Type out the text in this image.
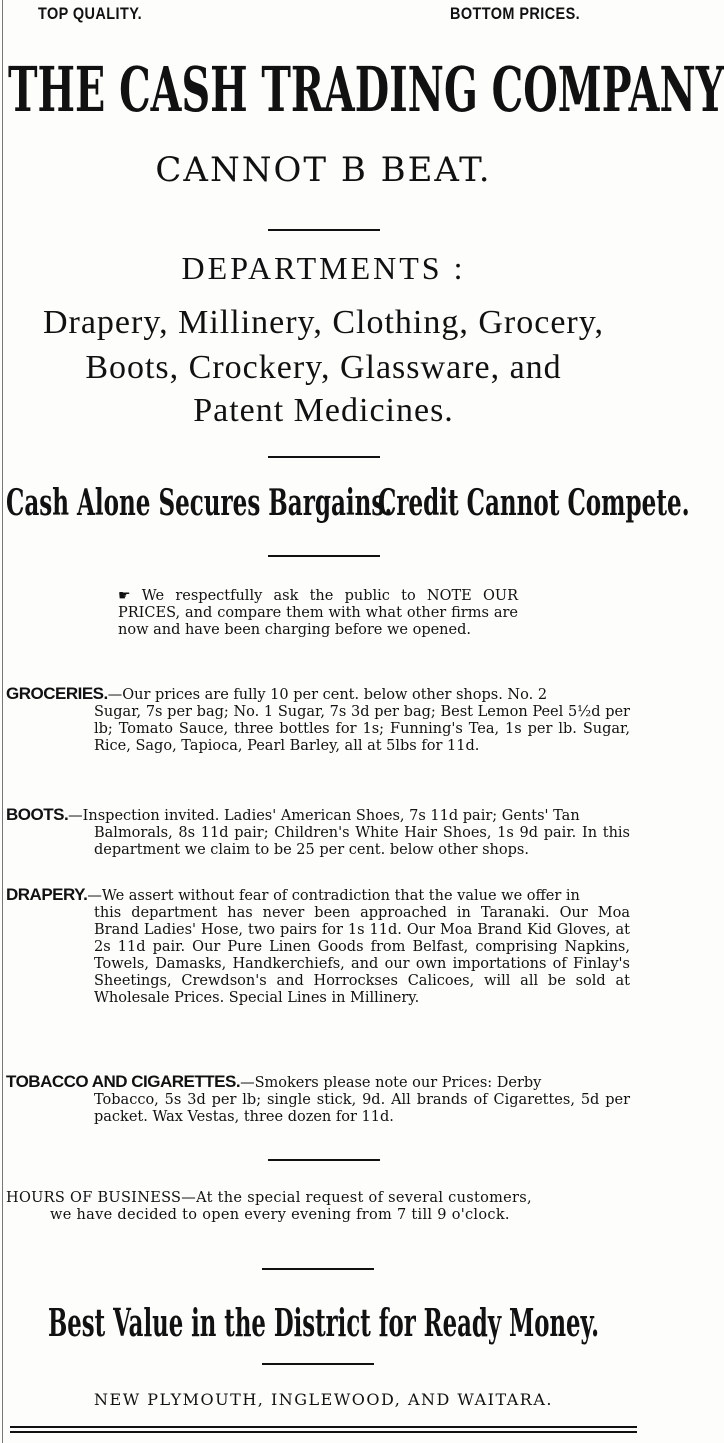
TOP QUALITY.	BOTTOM PRICES.
THE CASH TRADING COMPANY
CANNOT B BEAT.
DEPARTMENTS :
Drapery, Millinery, Clothing, Grocery,
Boots, Crockery, Glassware, and
Patent Medicines.
Cash Alone Secures Bargains.
Credit Cannot Compete.
☛ We respectfully ask the public to NOTE OUR PRICES, and compare them with what other firms are now and have been charging before we opened.
GROCERIES.—Our prices are fully 10 per cent. below other shops. No. 2
Sugar, 7s per bag; No. 1 Sugar, 7s 3d per bag; Best Lemon Peel 5½d per lb; Tomato Sauce, three bottles for 1s; Funning's Tea, 1s per lb. Sugar, Rice, Sago, Tapioca, Pearl Barley, all at 5lbs for 11d.
BOOTS.—Inspection invited. Ladies' American Shoes, 7s 11d pair; Gents' Tan
Balmorals, 8s 11d pair; Children's White Hair Shoes, 1s 9d pair. In this department we claim to be 25 per cent. below other shops.
DRAPERY.—We assert without fear of contradiction that the value we offer in
this department has never been approached in Taranaki. Our Moa Brand Ladies' Hose, two pairs for 1s 11d. Our Moa Brand Kid Gloves, at 2s 11d pair. Our Pure Linen Goods from Belfast, comprising Napkins, Towels, Damasks, Handkerchiefs, and our own importations of Finlay's Sheetings, Crewdson's and Horrockses Calicoes, will all be sold at Wholesale Prices. Special Lines in Millinery.
TOBACCO AND CIGARETTES.—Smokers please note our Prices: Derby
Tobacco, 5s 3d per lb; single stick, 9d. All brands of Cigarettes, 5d per packet. Wax Vestas, three dozen for 11d.
HOURS OF BUSINESS—At the special request of several customers,
we have decided to open every evening from 7 till 9 o'clock.
Best Value in the District for Ready Money.
NEW PLYMOUTH, INGLEWOOD, AND WAITARA.
